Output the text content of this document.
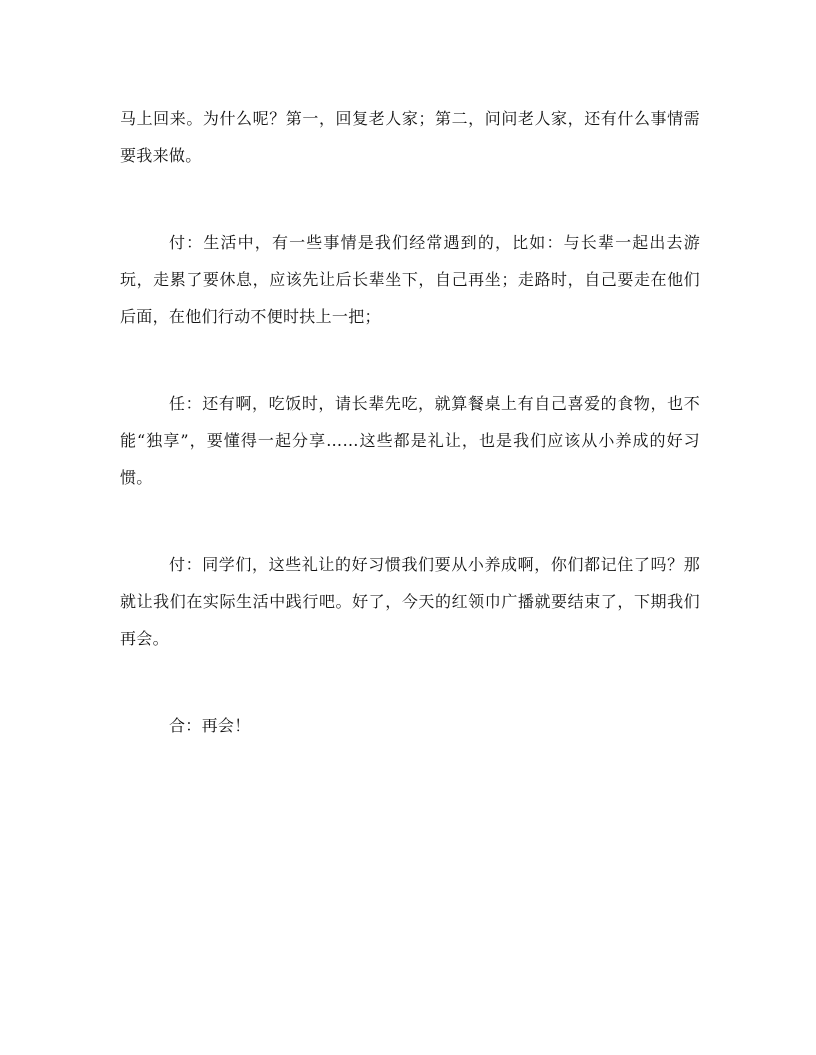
马上回来。为什么呢？第一，回复老人家；第二，问问老人家，还有什么事情需要我来做。

付：生活中，有一些事情是我们经常遇到的，比如：与长辈一起出去游玩，走累了要休息，应该先让后长辈坐下，自己再坐；走路时，自己要走在他们后面，在他们行动不便时扶上一把；

任：还有啊，吃饭时，请长辈先吃，就算餐桌上有自己喜爱的食物，也不能“独享”，要懂得一起分享……这些都是礼让，也是我们应该从小养成的好习惯。

付：同学们，这些礼让的好习惯我们要从小养成啊，你们都记住了吗？那就让我们在实际生活中践行吧。好了，今天的红领巾广播就要结束了，下期我们再会。

合：再会！
